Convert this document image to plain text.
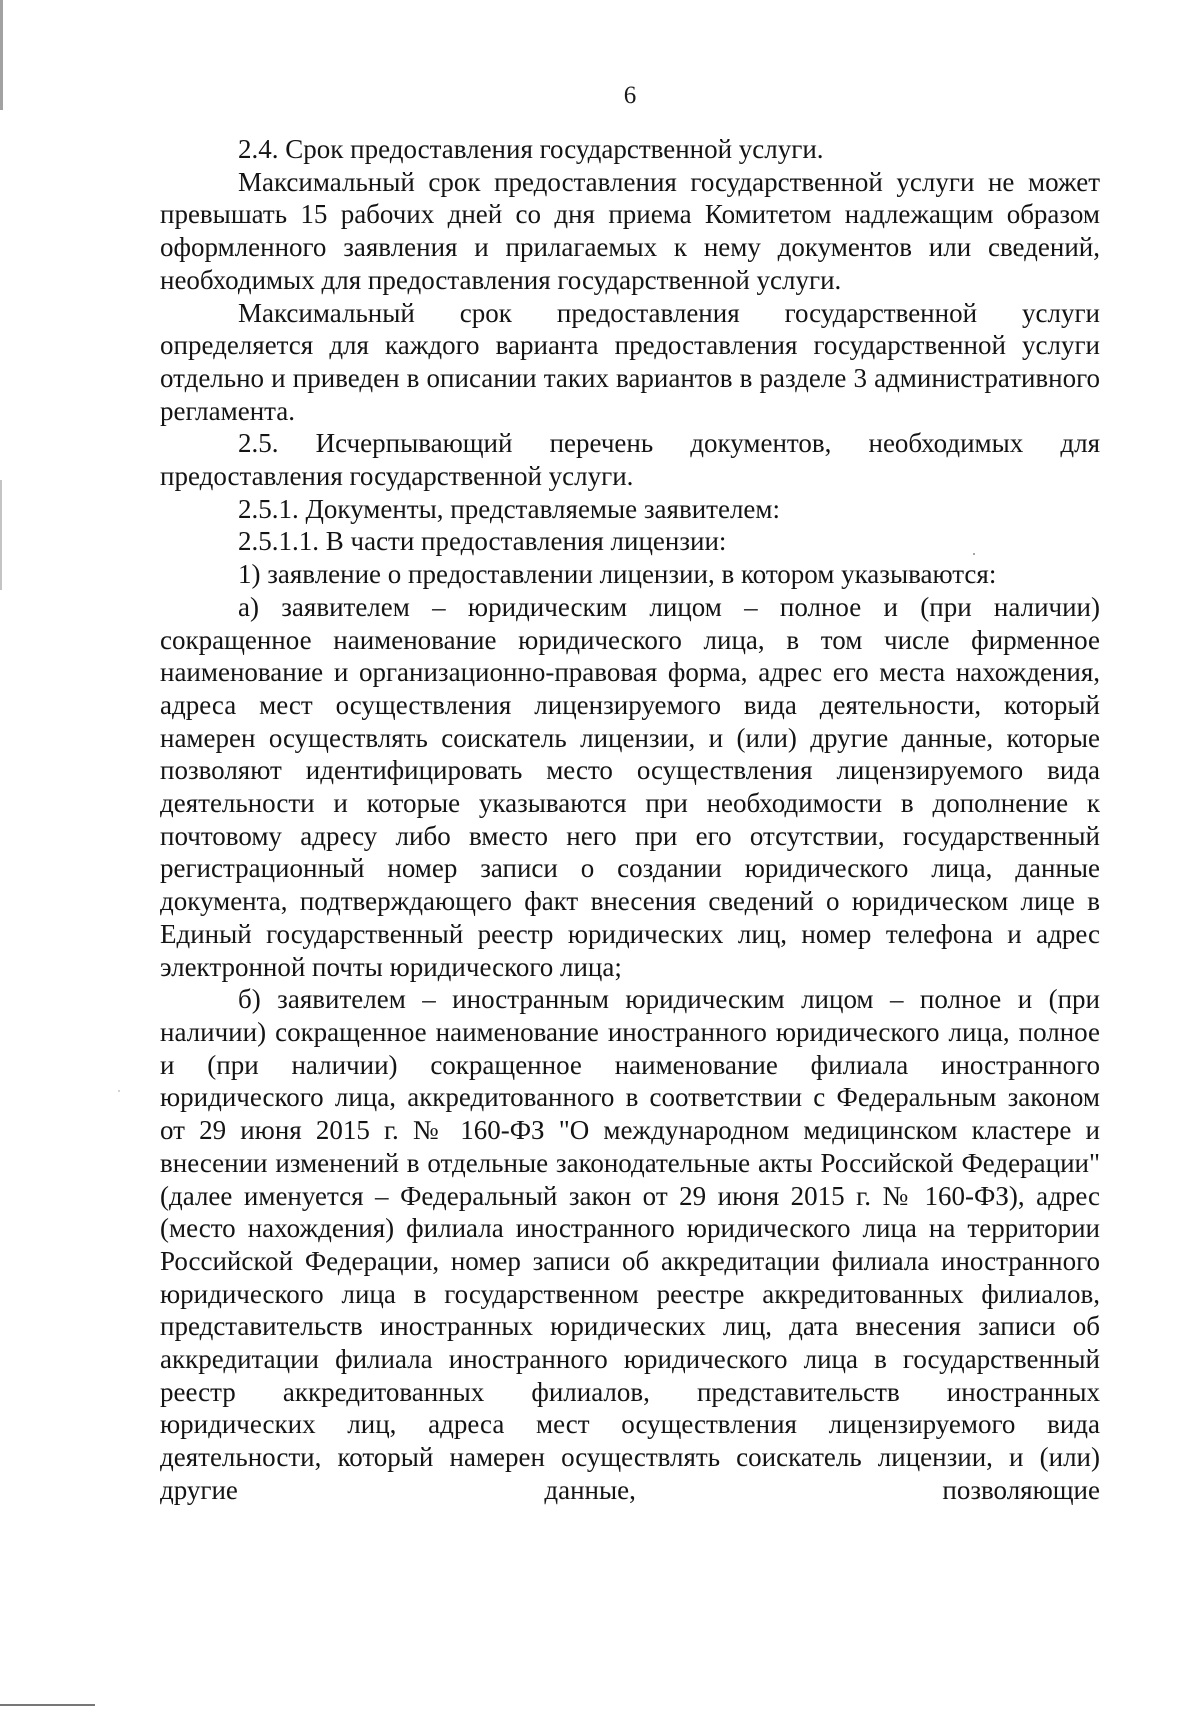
6

2.4. Срок предоставления государственной услуги.

Максимальный срок предоставления государственной услуги не может превышать 15 рабочих дней со дня приема Комитетом надлежащим образом оформленного заявления и прилагаемых к нему документов или сведений, необходимых для предоставления государственной услуги.

Максимальный срок предоставления государственной услуги определяется для каждого варианта предоставления государственной услуги отдельно и приведен в описании таких вариантов в разделе 3 административного регламента.

2.5. Исчерпывающий перечень документов, необходимых для предоставления государственной услуги.

2.5.1. Документы, представляемые заявителем:

2.5.1.1. В части предоставления лицензии:

1) заявление о предоставлении лицензии, в котором указываются:

а) заявителем – юридическим лицом – полное и (при наличии) сокращенное наименование юридического лица, в том числе фирменное наименование и организационно-правовая форма, адрес его места нахождения, адреса мест осуществления лицензируемого вида деятельности, который намерен осуществлять соискатель лицензии, и (или) другие данные, которые позволяют идентифицировать место осуществления лицензируемого вида деятельности и которые указываются при необходимости в дополнение к почтовому адресу либо вместо него при его отсутствии, государственный регистрационный номер записи о создании юридического лица, данные документа, подтверждающего факт внесения сведений о юридическом лице в Единый государственный реестр юридических лиц, номер телефона и адрес электронной почты юридического лица;

б) заявителем – иностранным юридическим лицом – полное и (при наличии) сокращенное наименование иностранного юридического лица, полное и (при наличии) сокращенное наименование филиала иностранного юридического лица, аккредитованного в соответствии с Федеральным законом от 29 июня 2015 г. № 160-ФЗ "О международном медицинском кластере и внесении изменений в отдельные законодательные акты Российской Федерации" (далее именуется – Федеральный закон от 29 июня 2015 г. № 160-ФЗ), адрес (место нахождения) филиала иностранного юридического лица на территории Российской Федерации, номер записи об аккредитации филиала иностранного юридического лица в государственном реестре аккредитованных филиалов, представительств иностранных юридических лиц, дата внесения записи об аккредитации филиала иностранного юридического лица в государственный реестр аккредитованных филиалов, представительств иностранных юридических лиц, адреса мест осуществления лицензируемого вида деятельности, который намерен осуществлять соискатель лицензии, и (или) другие данные, позволяющие
